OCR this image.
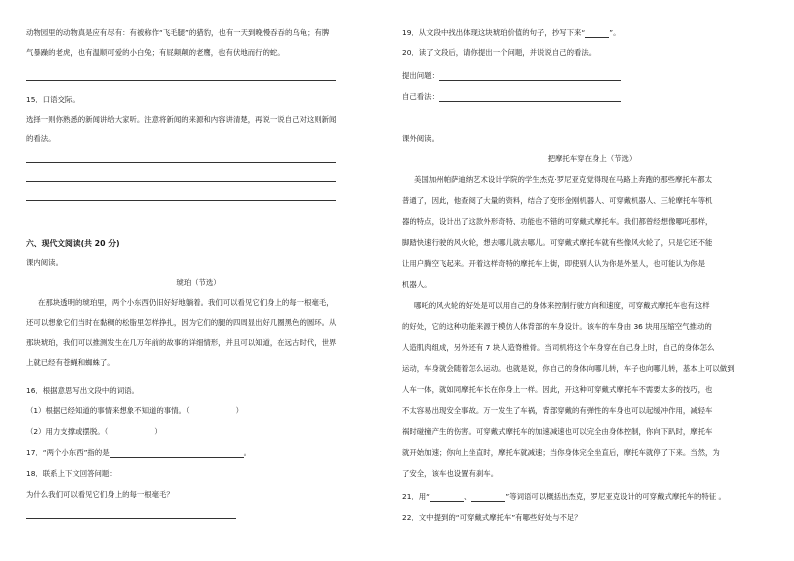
动物园里的动物真是应有尽有：有被称作“飞毛腿”的猎豹，也有一天到晚慢吞吞的乌龟；有脾
气暴躁的老虎，也有温顺可爱的小白兔；有屁颠颠的老鹰，也有伏地而行的蛇。
15．口语交际。
选择一则你熟悉的新闻讲给大家听。注意将新闻的来源和内容讲清楚，再说一说自己对这则新闻
的看法。
六、现代文阅读(共 20 分)
课内阅读。
琥珀（节选）
在那块透明的琥珀里，两个小东西仍旧好好地躺着。我们可以看见它们身上的每一根毫毛，
还可以想象它们当时在黏稠的松脂里怎样挣扎，因为它们的腿的四周显出好几圈黑色的圆环。从
那块琥珀，我们可以推测发生在几万年前的故事的详细情形，并且可以知道，在远古时代，世界
上就已经有苍蝇和蜘蛛了。
16．根据意思写出文段中的词语。
（1）根据已经知道的事情来想象不知道的事情。（	）
（2）用力支撑或摆脱。（	）
17．“两个小东西”指的是	。
18．联系上下文回答问题：
为什么我们可以看见它们身上的每一根毫毛？
19．从文段中找出体现这块琥珀价值的句子，抄写下来“	”。
20．读了文段后，请你提出一个问题，并说说自己的看法。
提出问题：
自己看法：
课外阅读。
把摩托车穿在身上（节选）
美国加州帕萨迪纳艺术设计学院的学生杰克·罗尼亚克觉得现在马路上奔跑的那些摩托车都太
普通了，因此，他查阅了大量的资料，结合了变形金刚机器人、可穿戴机器人、三轮摩托车等机
器的特点，设计出了这款外形奇特、功能也不错的可穿戴式摩托车。我们都曾经想像哪吒那样，
脚踏快速行驶的风火轮，想去哪儿就去哪儿。可穿戴式摩托车就有些像风火轮了，只是它还不能
让用户腾空飞起来。开着这样奇特的摩托车上街，即使别人认为你是外星人，也可能认为你是
机器人。
哪吒的风火轮的好处是可以用自己的身体来控制行驶方向和速度，可穿戴式摩托车也有这样
的好处，它的这种功能来源于模仿人体背部的车身设计。该车的车身由 36 块用压缩空气推动的
人造肌肉组成，另外还有 7 块人造脊椎骨。当司机将这个车身穿在自己身上时，自己的身体怎么
运动，车身就会随着怎么运动。也就是说，你自己的身体向哪儿转，车子也向哪儿转，基本上可以做到
人车一体，就如同摩托车长在你身上一样。因此，开这种可穿戴式摩托车不需要太多的技巧，也
不太容易出现安全事故。万一发生了车祸，背部穿戴的有弹性的车身也可以起缓冲作用，减轻车
祸时碰撞产生的伤害。可穿戴式摩托车的加速减速也可以完全由身体控制，你向下趴时，摩托车
就开始加速；你向上坐直时，摩托车就减速；当你身体完全坐直后，摩托车就停了下来。当然，为
了安全，该车也设置有刹车。
21．用“	、	”等词语可以概括出杰克，罗尼亚克设计的可穿戴式摩托车的特征 。
22．文中提到的“可穿戴式摩托车”有哪些好处与不足？
